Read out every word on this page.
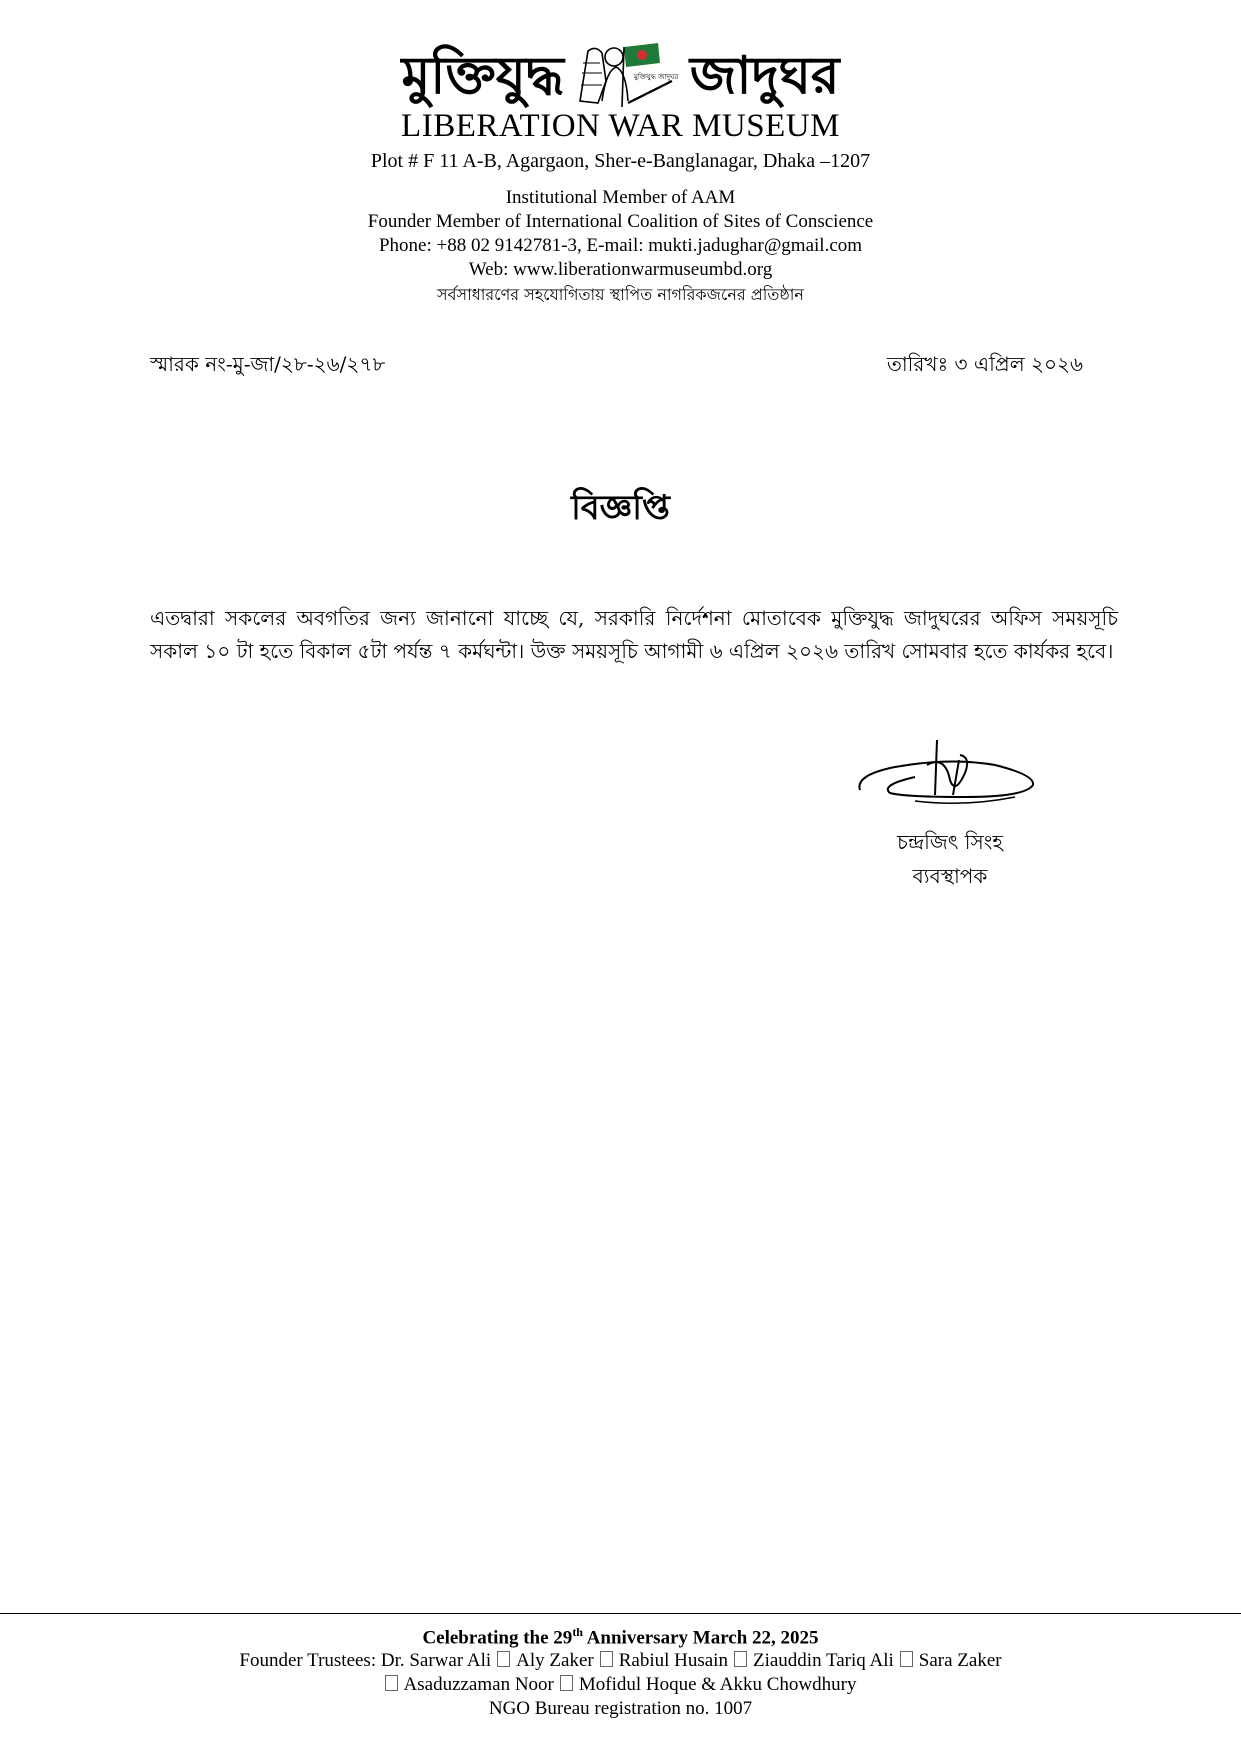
মুক্তিযুদ্ধ	মুক্তিযুদ্ধ জাদুঘর জাদুঘর
LIBERATION WAR MUSEUM
Plot # F 11 A-B, Agargaon, Sher-e-Banglanagar, Dhaka –1207
Institutional Member of AAM
Founder Member of International Coalition of Sites of Conscience
Phone: +88 02 9142781-3, E-mail: mukti.jadughar@gmail.com
Web: www.liberationwarmuseumbd.org
সর্বসাধারণের সহযোগিতায় স্থাপিত নাগরিকজনের প্রতিষ্ঠান
স্মারক নং-মু-জা/২৮-২৬/২৭৮	তারিখঃ ৩ এপ্রিল ২০২৬
বিজ্ঞপ্তি
এতদ্বারা সকলের অবগতির জন্য জানানো যাচ্ছে যে, সরকারি নির্দেশনা মোতাবেক মুক্তিযুদ্ধ জাদুঘরের অফিস সময়সূচি সকাল ১০ টা হতে বিকাল ৫টা পর্যন্ত ৭ কর্মঘন্টা। উক্ত সময়সূচি আগামী ৬ এপ্রিল ২০২৬ তারিখ সোমবার হতে কার্যকর হবে।
চন্দ্রজিৎ সিংহ
ব্যবস্থাপক
Celebrating the 29th Anniversary March 22, 2025
Founder Trustees: Dr. Sarwar Ali Aly Zaker Rabiul Husain Ziauddin Tariq Ali Sara Zaker
Asaduzzaman Noor Mofidul Hoque & Akku Chowdhury
NGO Bureau registration no. 1007
